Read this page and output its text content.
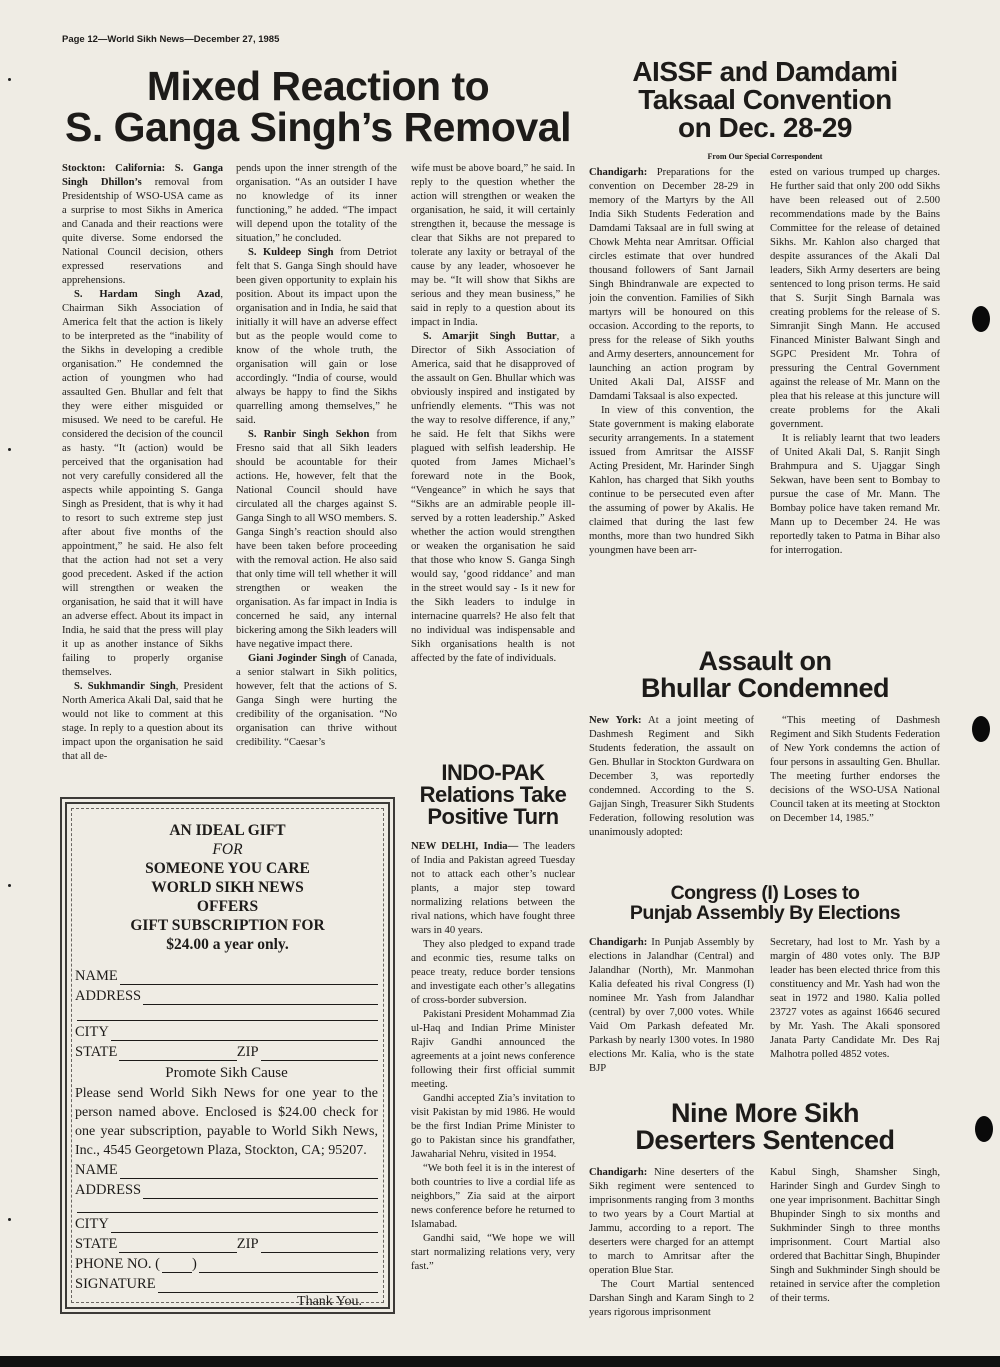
Page 12—World Sikh News—December 27, 1985
Mixed Reaction to
S. Ganga Singh’s Removal

Stockton: California: S. Ganga Singh Dhillon’s removal from Presidentship of WSO-USA came as a surprise to most Sikhs in America and Canada and their reactions were quite diverse. Some endorsed the National Council decision, others expressed reservations and apprehensions.

S. Hardam Singh Azad, Chairman Sikh Association of America felt that the action is likely to be interpreted as the “inability of the Sikhs in developing a credible organisation.” He condemned the action of youngmen who had assaulted Gen. Bhullar and felt that they were either misguided or misused. We need to be careful. He considered the decision of the council as hasty. “It (action) would be perceived that the organisation had not very carefully considered all the aspects while appointing S. Ganga Singh as President, that is why it had to resort to such extreme step just after about five months of the appointment,” he said. He also felt that the action had not set a very good precedent. Asked if the action will strengthen or weaken the organisation, he said that it will have an adverse effect. About its impact in India, he said that the press will play it up as another instance of Sikhs failing to properly organise themselves.

S. Sukhmandir Singh, President North America Akali Dal, said that he would not like to comment at this stage. In reply to a question about its impact upon the organisation he said that all de-

pends upon the inner strength of the organisation. “As an outsider I have no knowledge of its inner functioning,” he added. “The impact will depend upon the totality of the situation,” he concluded.

S. Kuldeep Singh from Detriot felt that S. Ganga Singh should have been given opportunity to explain his position. About its impact upon the organisation and in India, he said that initially it will have an adverse effect but as the people would come to know of the whole truth, the organisation will gain or lose accordingly. “India of course, would always be happy to find the Sikhs quarrelling among themselves,” he said.

S. Ranbir Singh Sekhon from Fresno said that all Sikh leaders should be acountable for their actions. He, however, felt that the National Council should have circulated all the charges against S. Ganga Singh to all WSO members. S. Ganga Singh’s reaction should also have been taken before proceeding with the removal action. He also said that only time will tell whether it will strengthen or weaken the organisation. As far impact in India is concerned he said, any internal bickering among the Sikh leaders will have negative impact there.

Giani Joginder Singh of Canada, a senior stalwart in Sikh politics, however, felt that the actions of S. Ganga Singh were hurting the credibility of the organisation. “No organisation can thrive without credibility. “Caesar’s

wife must be above board,” he said. In reply to the question whether the action will strengthen or weaken the organisation, he said, it will certainly strengthen it, because the message is clear that Sikhs are not prepared to tolerate any laxity or betrayal of the cause by any leader, whosoever he may be. “It will show that Sikhs are serious and they mean business,” he said in reply to a question about its impact in India.

S. Amarjit Singh Buttar, a Director of Sikh Association of America, said that he disapproved of the assault on Gen. Bhullar which was obviously inspired and instigated by unfriendly elements. “This was not the way to resolve difference, if any,” he said. He felt that Sikhs were plagued with selfish leadership. He quoted from James Michael’s foreward note in the Book, “Vengeance” in which he says that “Sikhs are an admirable people ill-served by a rotten leadership.” Asked whether the action would strengthen or weaken the organisation he said that those who know S. Ganga Singh would say, ‘good riddance’ and man in the street would say - Is it new for the Sikh leaders to indulge in internacine quarrels? He also felt that no individual was indispensable and Sikh organisations health is not affected by the fate of individuals.

AN IDEAL GIFT
FOR
SOMEONE YOU CARE
WORLD SIKH NEWS
OFFERS
GIFT SUBSCRIPTION FOR
$24.00 a year only.
NAME
ADDRESS
CITY
STATE	ZIP
Promote Sikh Cause
Please send World Sikh News for one year to the person named above. Enclosed is $24.00 check for one year subscription, payable to World Sikh News, Inc., 4545 Georgetown Plaza, Stockton, CA; 95207.
NAME
ADDRESS
CITY
STATE	ZIP
PHONE NO. ( )
SIGNATURE
Thank You.
INDO-PAK
Relations Take
Positive Turn

NEW DELHI, India— The leaders of India and Pakistan agreed Tuesday not to attack each other’s nuclear plants, a major step toward normalizing relations between the rival nations, which have fought three wars in 40 years.

They also pledged to expand trade and econmic ties, resume talks on peace treaty, reduce border tensions and investigate each other’s allegatins of cross-border subversion.

Pakistani President Mohammad Zia ul-Haq and Indian Prime Minister Rajiv Gandhi announced the agreements at a joint news conference following their first official summit meeting.

Gandhi accepted Zia’s invitation to visit Pakistan by mid 1986. He would be the first Indian Prime Minister to go to Pakistan since his grandfather, Jawaharial Nehru, visited in 1954.

“We both feel it is in the interest of both countries to live a cordial life as neighbors,” Zia said at the airport news conference before he returned to Islamabad.

Gandhi said, “We hope we will start normalizing relations very, very fast.”

AISSF and Damdami
Taksaal Convention
on Dec. 28-29
From Our Special Correspondent

Chandigarh: Preparations for the convention on December 28-29 in memory of the Martyrs by the All India Sikh Students Federation and Damdami Taksaal are in full swing at Chowk Mehta near Amritsar. Official circles estimate that over hundred thousand followers of Sant Jarnail Singh Bhindranwale are expected to join the convention. Families of Sikh martyrs will be honoured on this occasion. According to the reports, to press for the release of Sikh youths and Army deserters, announcement for launching an action program by United Akali Dal, AISSF and Damdami Taksaal is also expected.

In view of this convention, the State government is making elaborate security arrangements. In a statement issued from Amritsar the AISSF Acting President, Mr. Harinder Singh Kahlon, has charged that Sikh youths continue to be persecuted even after the assuming of power by Akalis. He claimed that during the last few months, more than two hundred Sikh youngmen have been arr-

ested on various trumped up charges. He further said that only 200 odd Sikhs have been released out of 2.500 recommendations made by the Bains Committee for the release of detained Sikhs. Mr. Kahlon also charged that despite assurances of the Akali Dal leaders, Sikh Army deserters are being sentenced to long prison terms. He said that S. Surjit Singh Barnala was creating problems for the release of S. Simranjit Singh Mann. He accused Financed Minister Balwant Singh and SGPC President Mr. Tohra of pressuring the Central Government against the release of Mr. Mann on the plea that his release at this juncture will create problems for the Akali government.

It is reliably learnt that two leaders of United Akali Dal, S. Ranjit Singh Brahmpura and S. Ujaggar Singh Sekwan, have been sent to Bombay to pursue the case of Mr. Mann. The Bombay police have taken remand Mr. Mann up to December 24. He was reportedly taken to Patma in Bihar also for interrogation.

Assault on
Bhullar Condemned

New York: At a joint meeting of Dashmesh Regiment and Sikh Students federation, the assault on Gen. Bhullar in Stockton Gurdwara on December 3, was reportedly condemned. According to the S. Gajjan Singh, Treasurer Sikh Students Federation, following resolution was unanimously adopted:

“This meeting of Dashmesh Regiment and Sikh Students Federation of New York condemns the action of four persons in assaulting Gen. Bhullar. The meeting further endorses the decisions of the WSO-USA National Council taken at its meeting at Stockton on December 14, 1985.”

Congress (I) Loses to
Punjab Assembly By Elections

Chandigarh: In Punjab Assembly by elections in Jalandhar (Central) and Jalandhar (North), Mr. Manmohan Kalia defeated his rival Congress (I) nominee Mr. Yash from Jalandhar (central) by over 7,000 votes. While Vaid Om Parkash defeated Mr. Parkash by nearly 1300 votes. In 1980 elections Mr. Kalia, who is the state BJP

Secretary, had lost to Mr. Yash by a margin of 480 votes only. The BJP leader has been elected thrice from this constituency and Mr. Yash had won the seat in 1972 and 1980. Kalia polled 23727 votes as against 16646 secured by Mr. Yash. The Akali sponsored Janata Party Candidate Mr. Des Raj Malhotra polled 4852 votes.

Nine More Sikh
Deserters Sentenced

Chandigarh: Nine deserters of the Sikh regiment were sentenced to imprisonments ranging from 3 months to two years by a Court Martial at Jammu, according to a report. The deserters were charged for an attempt to march to Amritsar after the operation Blue Star.

The Court Martial sentenced Darshan Singh and Karam Singh to 2 years rigorous imprisonment

Kabul Singh, Shamsher Singh, Harinder Singh and Gurdev Singh to one year imprisonment. Bachittar Singh Bhupinder Singh to six months and Sukhminder Singh to three months imprisonment. Court Martial also ordered that Bachittar Singh, Bhupinder Singh and Sukhminder Singh should be retained in service after the completion of their terms.
